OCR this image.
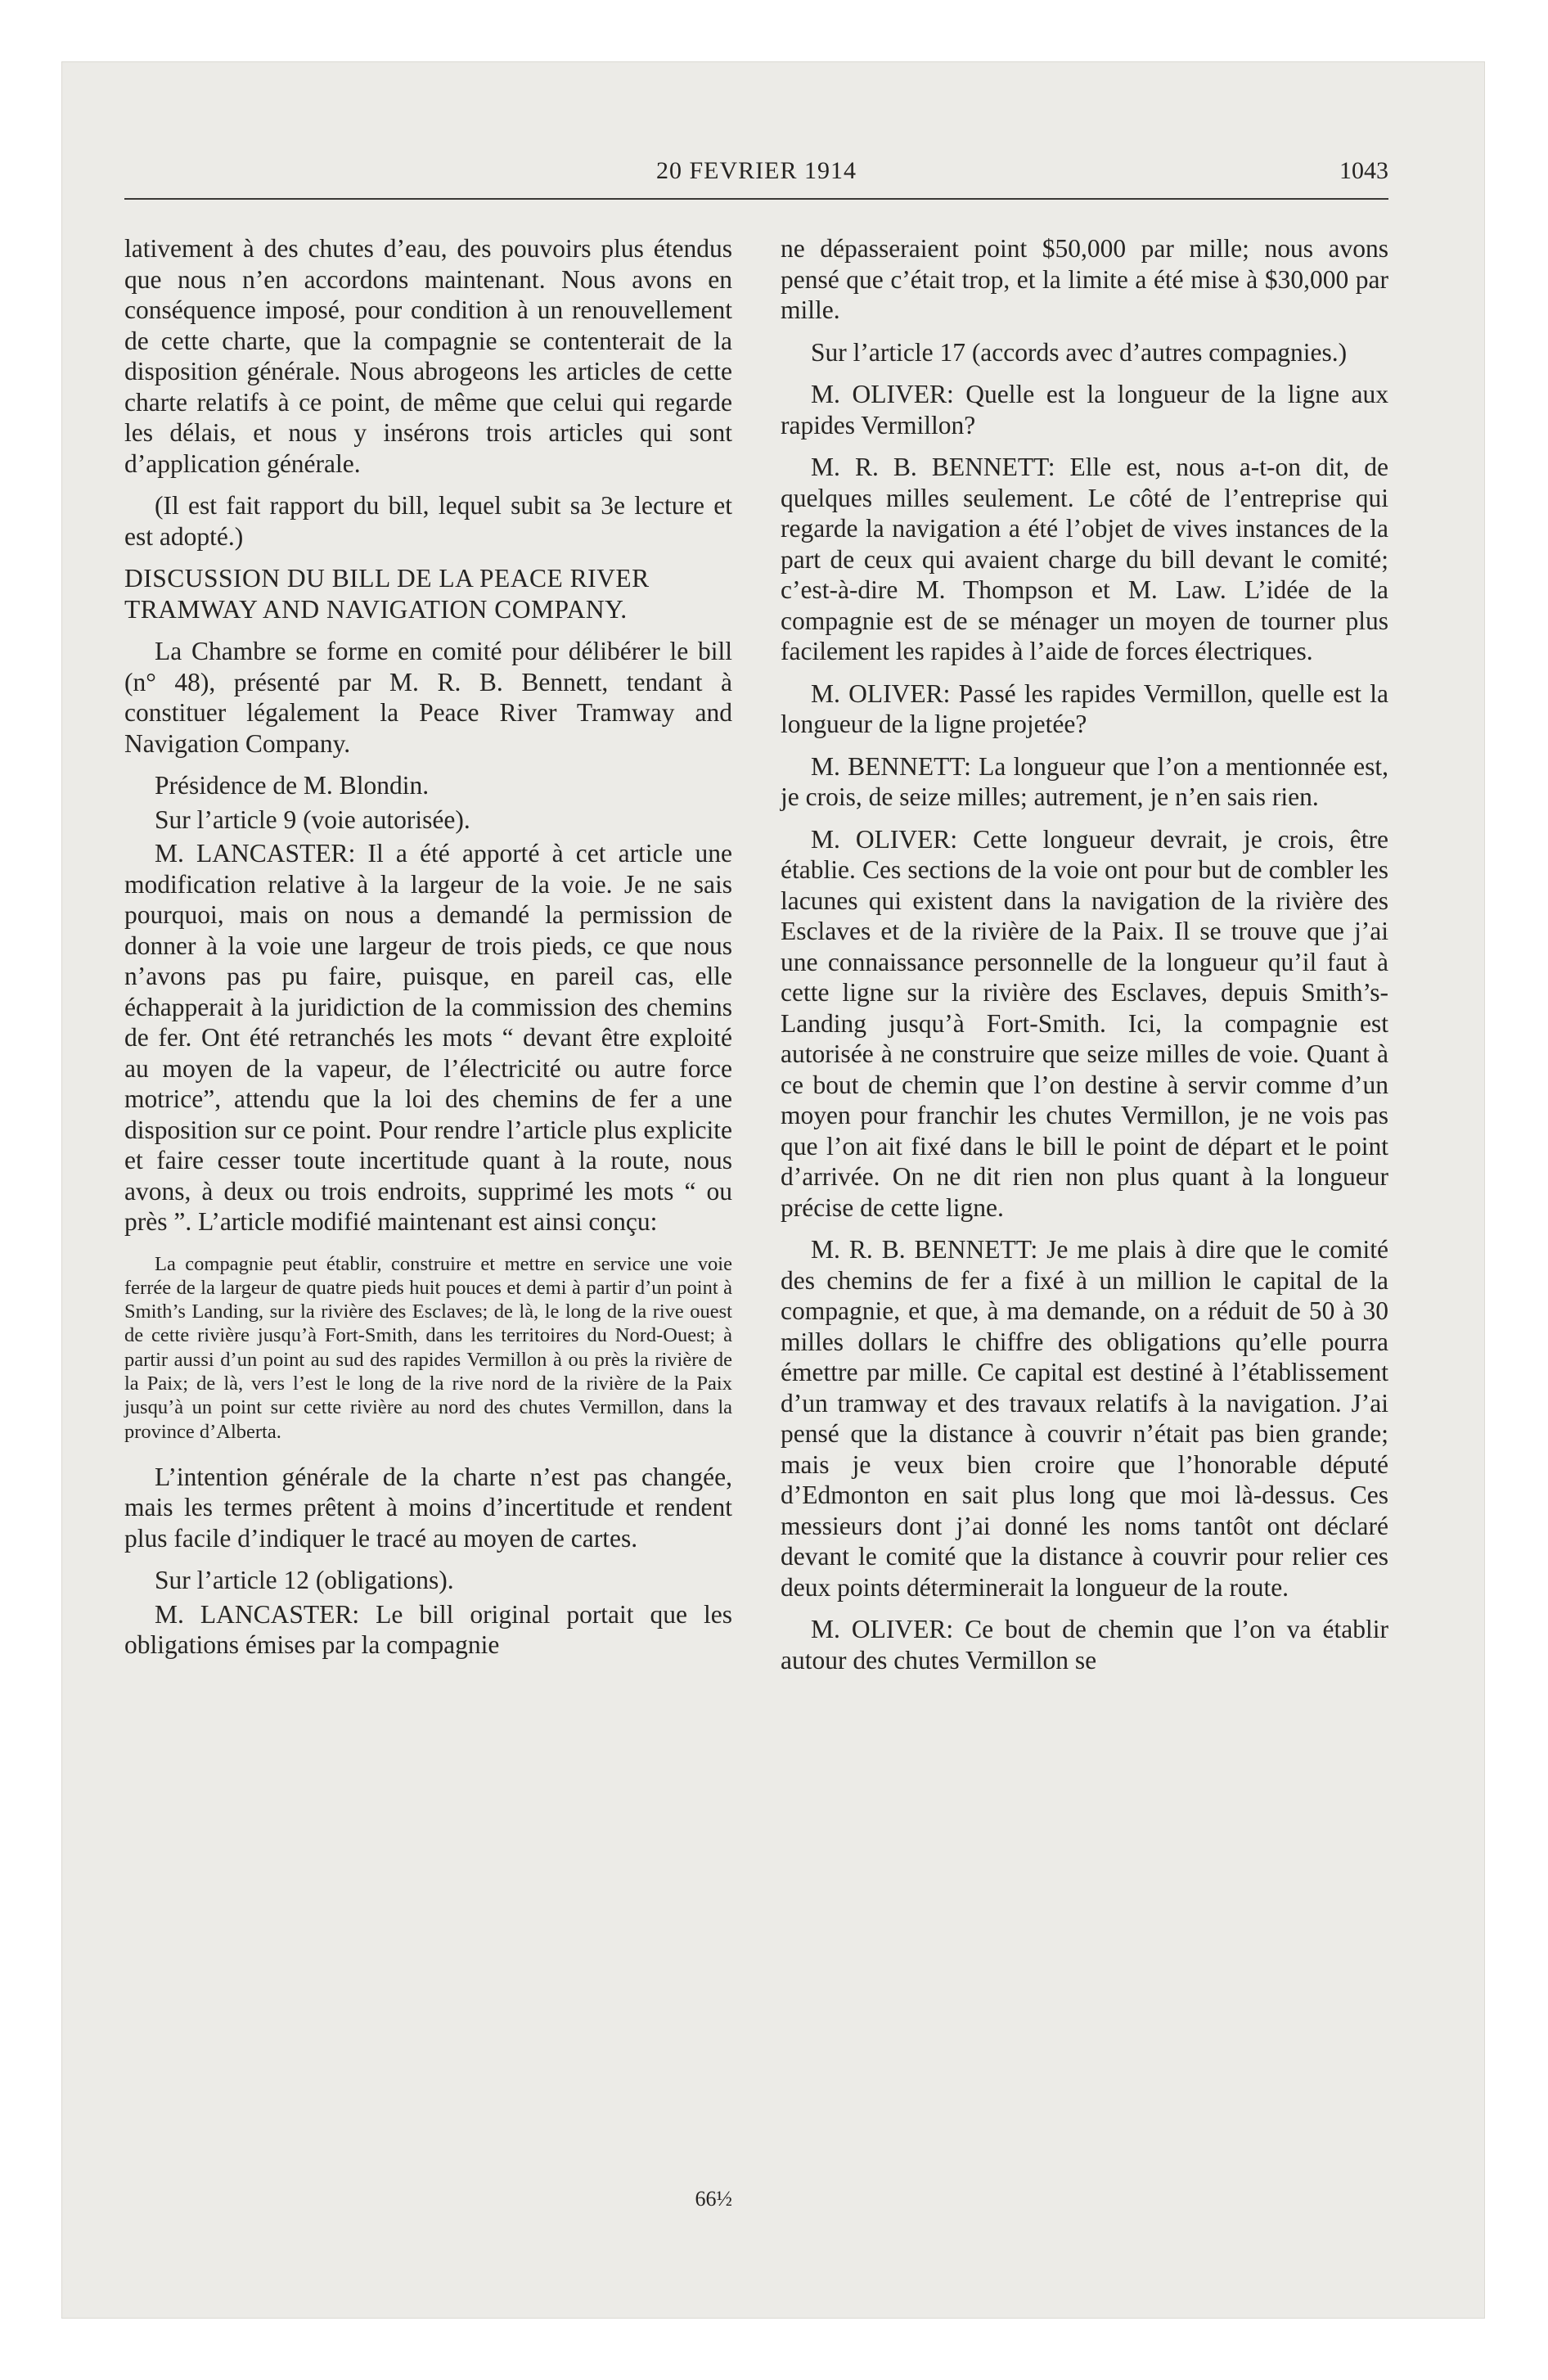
20 FEVRIER 1914	1043

lativement à des chutes d’eau, des pouvoirs plus étendus que nous n’en accordons maintenant. Nous avons en conséquence imposé, pour condition à un renouvellement de cette charte, que la compagnie se contenterait de la disposition générale. Nous abrogeons les articles de cette charte relatifs à ce point, de même que celui qui regarde les délais, et nous y insérons trois articles qui sont d’application générale.

(Il est fait rapport du bill, lequel subit sa 3e lecture et est adopté.)

DISCUSSION DU BILL DE LA PEACE RIVER TRAMWAY AND NAVIGATION COMPANY.

La Chambre se forme en comité pour délibérer le bill (n° 48), présenté par M. R. B. Bennett, tendant à constituer légalement la Peace River Tramway and Navigation Company.

Présidence de M. Blondin.

Sur l’article 9 (voie autorisée).

M. LANCASTER: Il a été apporté à cet article une modification relative à la largeur de la voie. Je ne sais pourquoi, mais on nous a demandé la permission de donner à la voie une largeur de trois pieds, ce que nous n’avons pas pu faire, puisque, en pareil cas, elle échapperait à la juridiction de la commission des chemins de fer. Ont été retranchés les mots “ devant être exploité au moyen de la vapeur, de l’électricité ou autre force motrice”, attendu que la loi des chemins de fer a une disposition sur ce point. Pour rendre l’article plus explicite et faire cesser toute incertitude quant à la route, nous avons, à deux ou trois endroits, supprimé les mots “ ou près ”. L’article modifié maintenant est ainsi conçu:

La compagnie peut établir, construire et mettre en service une voie ferrée de la largeur de quatre pieds huit pouces et demi à partir d’un point à Smith’s Landing, sur la rivière des Esclaves; de là, le long de la rive ouest de cette rivière jusqu’à Fort-Smith, dans les territoires du Nord-Ouest; à partir aussi d’un point au sud des rapides Vermillon à ou près la rivière de la Paix; de là, vers l’est le long de la rive nord de la rivière de la Paix jusqu’à un point sur cette rivière au nord des chutes Vermillon, dans la province d’Alberta.

L’intention générale de la charte n’est pas changée, mais les termes prêtent à moins d’incertitude et rendent plus facile d’indiquer le tracé au moyen de cartes.

Sur l’article 12 (obligations).

M. LANCASTER: Le bill original portait que les obligations émises par la compagnie

ne dépasseraient point $50,000 par mille; nous avons pensé que c’était trop, et la limite a été mise à $30,000 par mille.

Sur l’article 17 (accords avec d’autres compagnies.)

M. OLIVER: Quelle est la longueur de la ligne aux rapides Vermillon?

M. R. B. BENNETT: Elle est, nous a-t-on dit, de quelques milles seulement. Le côté de l’entreprise qui regarde la navigation a été l’objet de vives instances de la part de ceux qui avaient charge du bill devant le comité; c’est-à-dire M. Thompson et M. Law. L’idée de la compagnie est de se ménager un moyen de tourner plus facilement les rapides à l’aide de forces électriques.

M. OLIVER: Passé les rapides Vermillon, quelle est la longueur de la ligne projetée?

M. BENNETT: La longueur que l’on a mentionnée est, je crois, de seize milles; autrement, je n’en sais rien.

M. OLIVER: Cette longueur devrait, je crois, être établie. Ces sections de la voie ont pour but de combler les lacunes qui existent dans la navigation de la rivière des Esclaves et de la rivière de la Paix. Il se trouve que j’ai une connaissance personnelle de la longueur qu’il faut à cette ligne sur la rivière des Esclaves, depuis Smith’s-Landing jusqu’à Fort-Smith. Ici, la compagnie est autorisée à ne construire que seize milles de voie. Quant à ce bout de chemin que l’on destine à servir comme d’un moyen pour franchir les chutes Vermillon, je ne vois pas que l’on ait fixé dans le bill le point de départ et le point d’arrivée. On ne dit rien non plus quant à la longueur précise de cette ligne.

M. R. B. BENNETT: Je me plais à dire que le comité des chemins de fer a fixé à un million le capital de la compagnie, et que, à ma demande, on a réduit de 50 à 30 milles dollars le chiffre des obligations qu’elle pourra émettre par mille. Ce capital est destiné à l’établissement d’un tramway et des travaux relatifs à la navigation. J’ai pensé que la distance à couvrir n’était pas bien grande; mais je veux bien croire que l’honorable député d’Edmonton en sait plus long que moi là-dessus. Ces messieurs dont j’ai donné les noms tantôt ont déclaré devant le comité que la distance à couvrir pour relier ces deux points déterminerait la longueur de la route.

M. OLIVER: Ce bout de chemin que l’on va établir autour des chutes Vermillon se

66½
